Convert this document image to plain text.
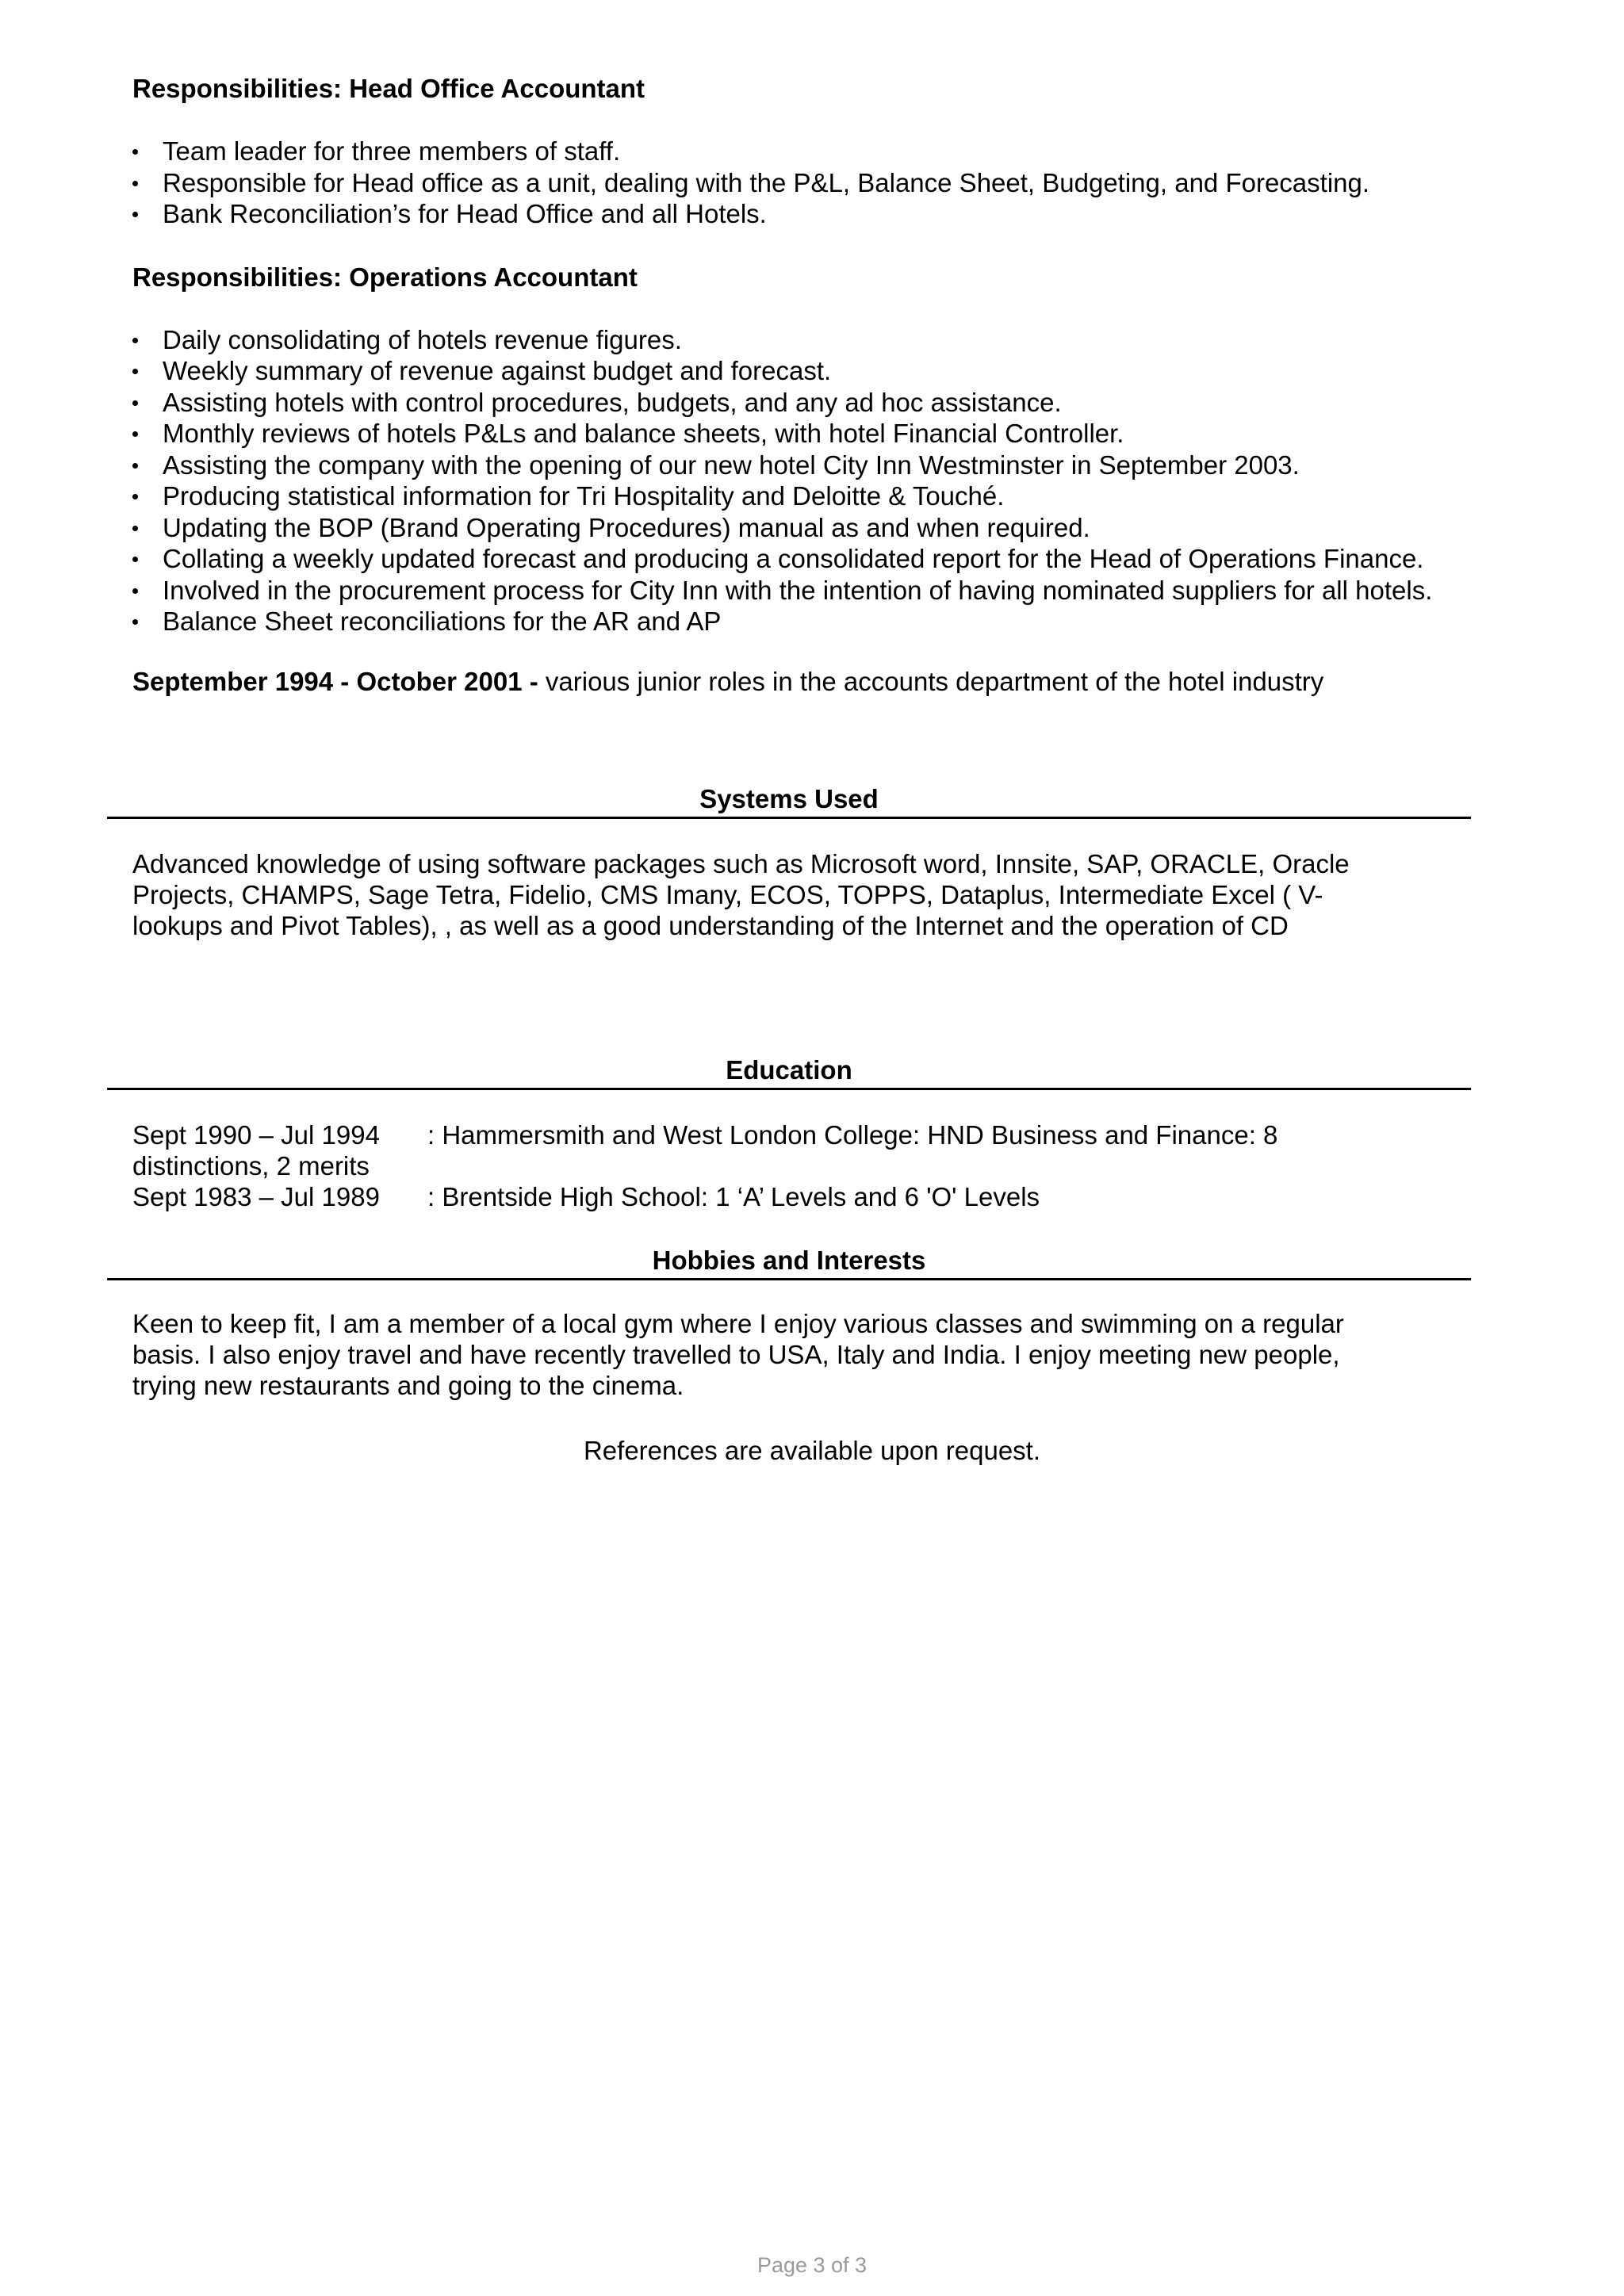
Responsibilities: Head Office Accountant

Team leader for three members of staff.
Responsible for Head office as a unit, dealing with the P&L, Balance Sheet, Budgeting, and Forecasting.
Bank Reconciliation’s for Head Office and all Hotels.

Responsibilities: Operations Accountant

Daily consolidating of hotels revenue figures.
Weekly summary of revenue against budget and forecast.
Assisting hotels with control procedures, budgets, and any ad hoc assistance.
Monthly reviews of hotels P&Ls and balance sheets, with hotel Financial Controller.
Assisting the company with the opening of our new hotel City Inn Westminster in September 2003.
Producing statistical information for Tri Hospitality and Deloitte & Touché.
Updating the BOP (Brand Operating Procedures) manual as and when required.
Collating a weekly updated forecast and producing a consolidated report for the Head of Operations Finance.
Involved in the procurement process for City Inn with the intention of having nominated suppliers for all hotels.
Balance Sheet reconciliations for the AR and AP

September 1994 - October 2001 - various junior roles in the accounts department of the hotel industry

Systems Used
Advanced knowledge of using software packages such as Microsoft word, Innsite, SAP, ORACLE, Oracle
Projects, CHAMPS, Sage Tetra, Fidelio, CMS Imany, ECOS, TOPPS, Dataplus, Intermediate Excel ( V-
lookups and Pivot Tables), , as well as a good understanding of the Internet and the operation of CD
Education
Sept 1990 – Jul 1994 : Hammersmith and West London College: HND Business and Finance: 8
distinctions, 2 merits
Sept 1983 – Jul 1989 : Brentside High School: 1 ‘A’ Levels and 6 'O' Levels
Hobbies and Interests
Keen to keep fit, I am a member of a local gym where I enjoy various classes and swimming on a regular
basis. I also enjoy travel and have recently travelled to USA, Italy and India. I enjoy meeting new people,
trying new restaurants and going to the cinema.
References are available upon request.
Page 3 of 3
